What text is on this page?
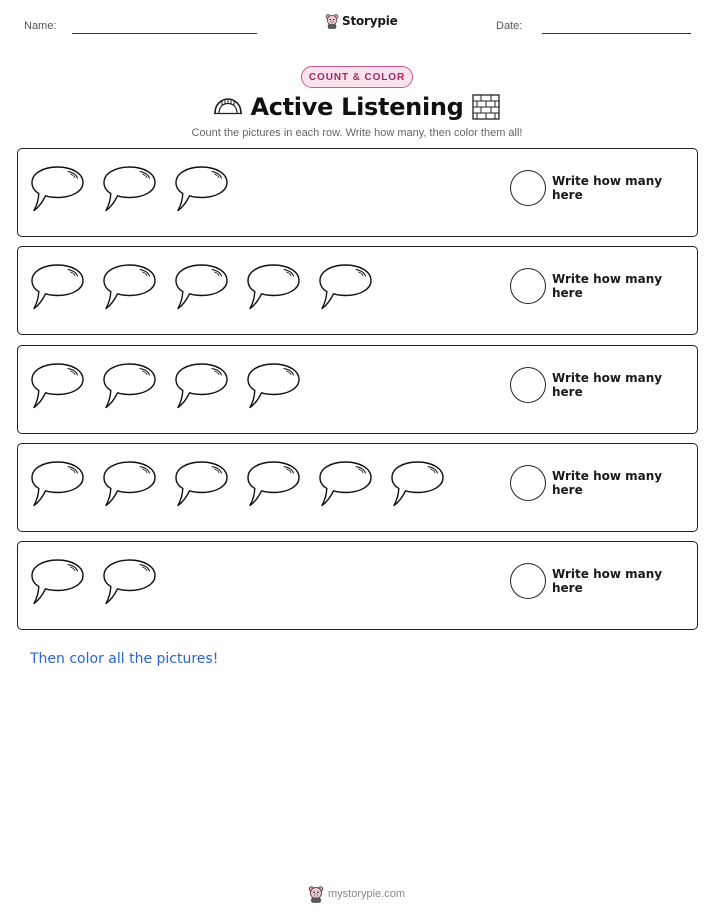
Name:	Storypie	Date:
COUNT & COLOR
Active Listening
Count the pictures in each row. Write how many, then color them all!
Write how many here
Write how many here
Write how many here
Write how many here
Write how many here
Then color all the pictures!
mystorypie.com
